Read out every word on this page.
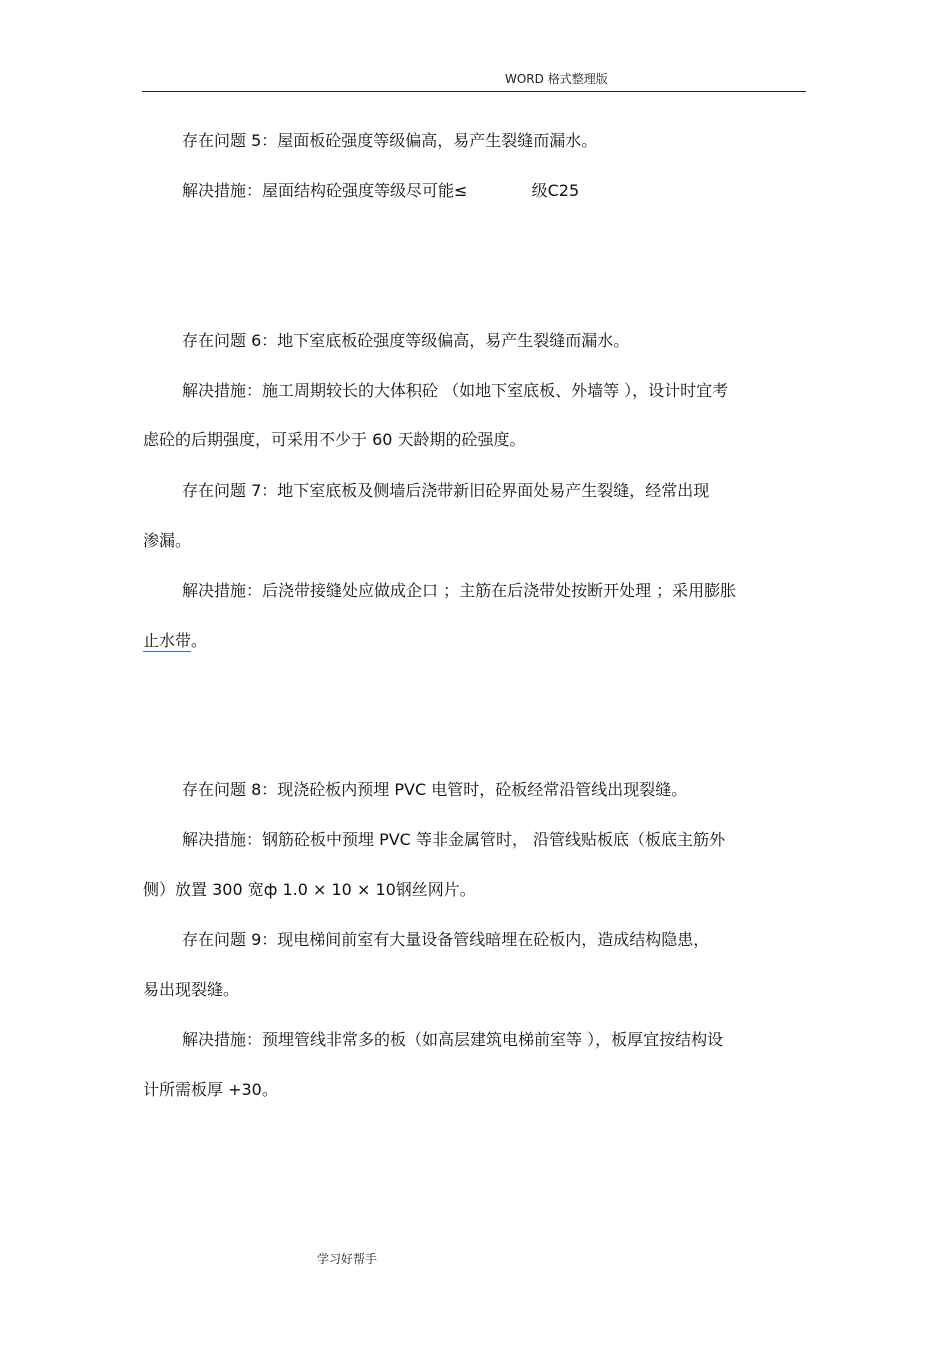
WORD 格式整理版
存在问题 5：屋面板砼强度等级偏高，易产生裂缝而漏水。
解决措施：屋面结构砼强度等级尽可能≤	级C25
存在问题 6：地下室底板砼强度等级偏高，易产生裂缝而漏水。
解决措施：施工周期较长的大体积砼 （如地下室底板、外墙等 ），设计时宜考
虑砼的后期强度，可采用不少于 60 天龄期的砼强度。
存在问题 7：地下室底板及侧墙后浇带新旧砼界面处易产生裂缝，经常出现
渗漏。
解决措施：后浇带接缝处应做成企口 ；主筋在后浇带处按断开处理 ；采用膨胀
止水带。
存在问题 8：现浇砼板内预埋 PVC 电管时，砼板经常沿管线出现裂缝。
解决措施：钢筋砼板中预埋 PVC 等非金属管时， 沿管线贴板底（板底主筋外
侧）放置 300 宽ф 1.0 × 10 × 10钢丝网片。
存在问题 9：现电梯间前室有大量设备管线暗埋在砼板内，造成结构隐患，
易出现裂缝。
解决措施：预埋管线非常多的板（如高层建筑电梯前室等 ），板厚宜按结构设
计所需板厚 +30。
学习好帮手
